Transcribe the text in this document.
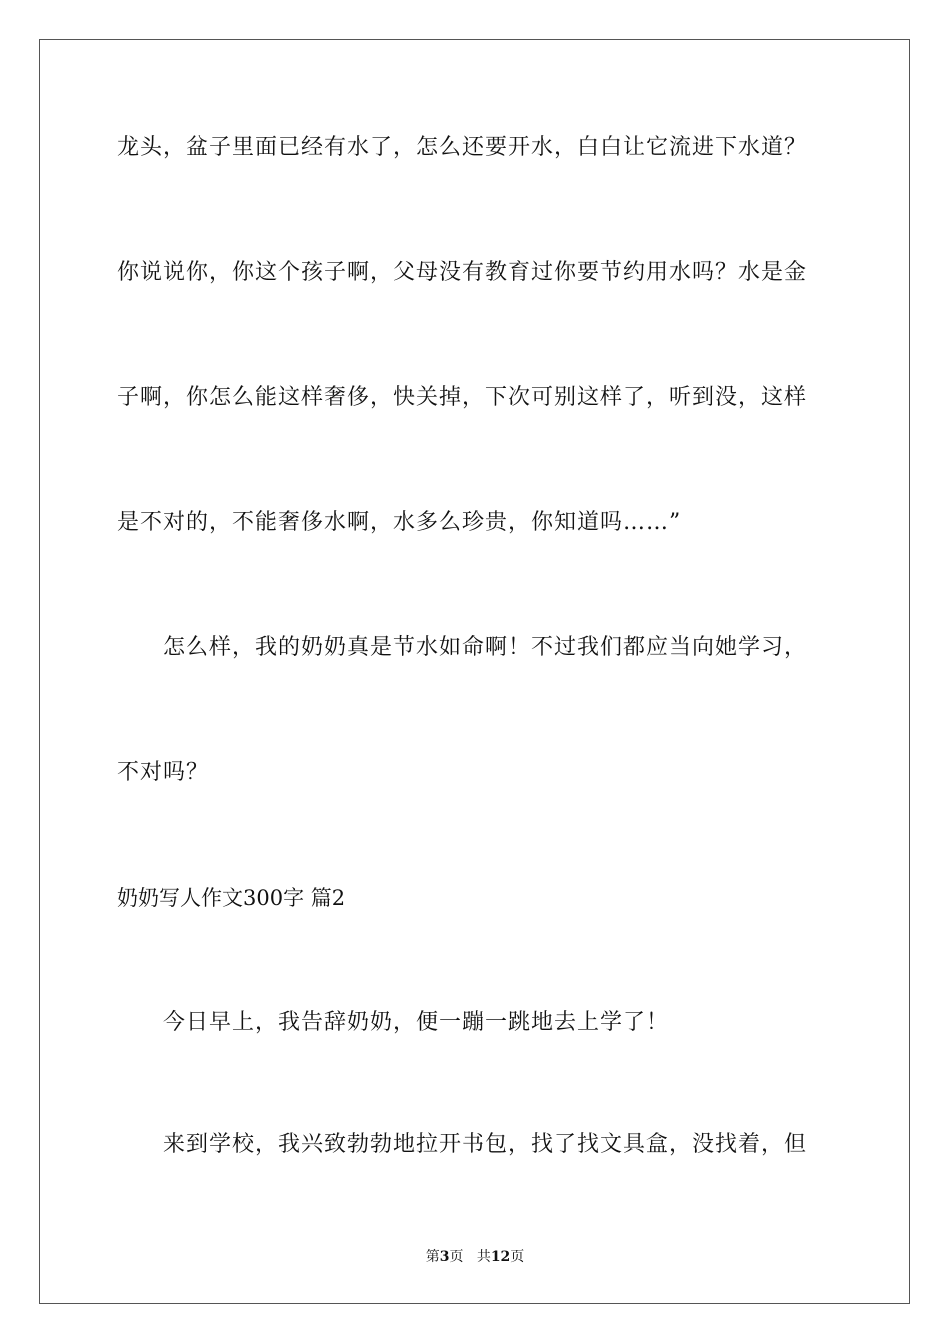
龙头，盆子里面已经有水了，怎么还要开水，白白让它流进下水道？
你说说你，你这个孩子啊，父母没有教育过你要节约用水吗？水是金
子啊，你怎么能这样奢侈，快关掉，下次可别这样了，听到没，这样
是不对的，不能奢侈水啊，水多么珍贵，你知道吗……”
怎么样，我的奶奶真是节水如命啊！不过我们都应当向她学习，
不对吗？
奶奶写人作文300字 篇2
今日早上，我告辞奶奶，便一蹦一跳地去上学了！
来到学校，我兴致勃勃地拉开书包，找了找文具盒，没找着，但
第3页 共12页
